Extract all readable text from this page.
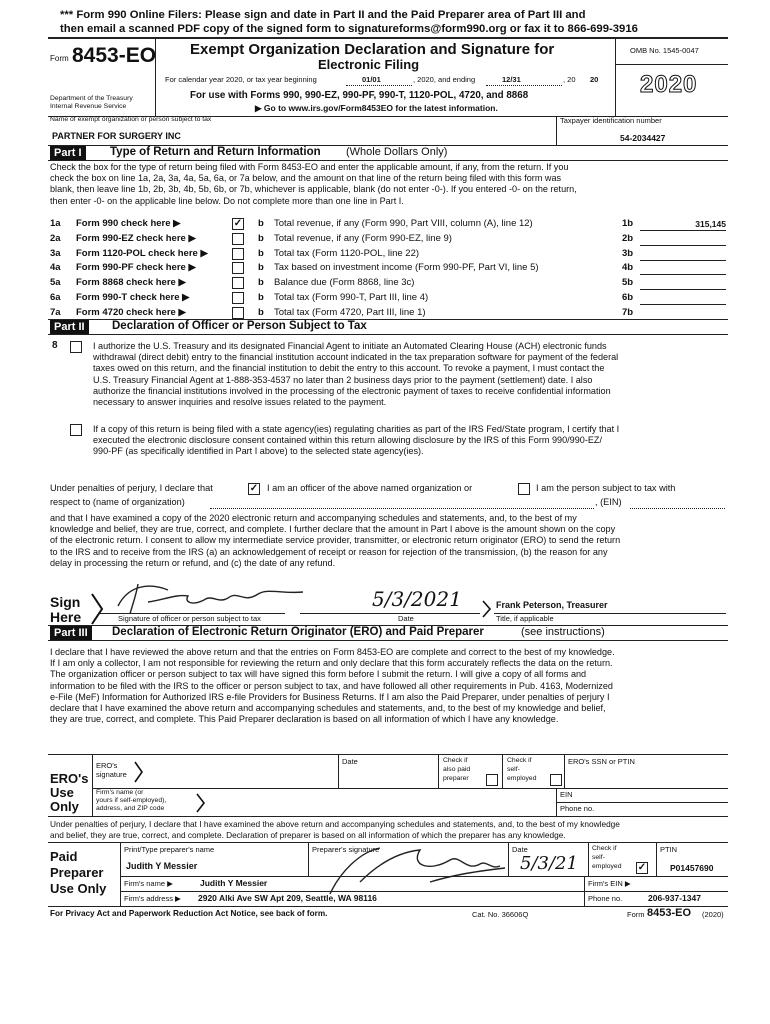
*** Form 990 Online Filers: Please sign and date in Part II and the Paid Preparer area of Part III and
then email a scanned PDF copy of the signed form to signatureforms@form990.org or fax it to 866-699-3916
Form 8453-EO Exempt Organization Declaration and Signature for
Electronic Filing
For calendar year 2020, or tax year beginning	01/01	, 2020, and ending	12/31	, 20 20
For use with Forms 990, 990-EZ, 990-PF, 990-T, 1120-POL, 4720, and 8868
▶ Go to www.irs.gov/Form8453EO for the latest information.
Department of the Treasury
Internal Revenue Service
OMB No. 1545-0047
2020
Name of exempt organization or person subject to tax
PARTNER FOR SURGERY INC
Taxpayer identification number
54-2034427
Part I	Type of Return and Return Information (Whole Dollars Only)
Check the box for the type of return being filed with Form 8453-EO and enter the applicable amount, if any, from the return. If you
check the box on line 1a, 2a, 3a, 4a, 5a, 6a, or 7a below, and the amount on that line of the return being filed with this form was
blank, then leave line 1b, 2b, 3b, 4b, 5b, 6b, or 7b, whichever is applicable, blank (do not enter -0-). If you entered -0- on the return,
then enter -0- on the applicable line below. Do not complete more than one line in Part I.
1a Form 990 check here ▶	✓ b Total revenue, if any (Form 990, Part VIII, column (A), line 12)	1b	315,145
2a Form 990-EZ check here ▶	b Total revenue, if any (Form 990-EZ, line 9)	2b
3a Form 1120-POL check here ▶	b Total tax (Form 1120-POL, line 22)	3b
4a Form 990-PF check here ▶	b Tax based on investment income (Form 990-PF, Part VI, line 5)	4b
5a Form 8868 check here ▶	b Balance due (Form 8868, line 3c)	5b
6a Form 990-T check here ▶	b Total tax (Form 990-T, Part III, line 4)	6b
7a Form 4720 check here ▶	b Total tax (Form 4720, Part III, line 1)	7b
Part II	Declaration of Officer or Person Subject to Tax
8	I authorize the U.S. Treasury and its designated Financial Agent to initiate an Automated Clearing House (ACH) electronic funds
withdrawal (direct debit) entry to the financial institution account indicated in the tax preparation software for payment of the federal
taxes owed on this return, and the financial institution to debit the entry to this account. To revoke a payment, I must contact the
U.S. Treasury Financial Agent at 1-888-353-4537 no later than 2 business days prior to the payment (settlement) date. I also
authorize the financial institutions involved in the processing of the electronic payment of taxes to receive confidential information
necessary to answer inquiries and resolve issues related to the payment.
If a copy of this return is being filed with a state agency(ies) regulating charities as part of the IRS Fed/State program, I certify that I
executed the electronic disclosure consent contained within this return allowing disclosure by the IRS of this Form 990/990-EZ/
990-PF (as specifically identified in Part I above) to the selected state agency(ies).
Under penalties of perjury, I declare that	✓ I am an officer of the above named organization or	I am the person subject to tax with
respect to (name of organization)	, (EIN)
and that I have examined a copy of the 2020 electronic return and accompanying schedules and statements, and, to the best of my
knowledge and belief, they are true, correct, and complete. I further declare that the amount in Part I above is the amount shown on the copy
of the electronic return. I consent to allow my intermediate service provider, transmitter, or electronic return originator (ERO) to send the return
to the IRS and to receive from the IRS (a) an acknowledgement of receipt or reason for rejection of the transmission, (b) the reason for any
delay in processing the return or refund, and (c) the date of any refund.
Sign
Here	Signature of officer or person subject to tax
5/3/2021
Date
Frank Peterson, Treasurer
Title, if applicable
Part III	Declaration of Electronic Return Originator (ERO) and Paid Preparer	(see instructions)
I declare that I have reviewed the above return and that the entries on Form 8453-EO are complete and correct to the best of my knowledge.
If I am only a collector, I am not responsible for reviewing the return and only declare that this form accurately reflects the data on the return.
The organization officer or person subject to tax will have signed this form before I submit the return. I will give a copy of all forms and
information to be filed with the IRS to the officer or person subject to tax, and have followed all other requirements in Pub. 4163, Modernized
e-File (MeF) Information for Authorized IRS e-file Providers for Business Returns. If I am also the Paid Preparer, under penalties of perjury I
declare that I have examined the above return and accompanying schedules and statements, and, to the best of my knowledge and belief,
they are true, correct, and complete. This Paid Preparer declaration is based on all information of which I have any knowledge.
ERO's
Use
Only
ERO's
signature
Date	Check if
also paid
preparer
Check if
self-
employed
ERO's SSN or PTIN
Firm's name (or
yours if self-employed),
address, and ZIP code
EIN
Phone no.
Under penalties of perjury, I declare that I have examined the above return and accompanying schedules and statements, and, to the best of my knowledge
and belief, they are true, correct, and complete. Declaration of preparer is based on all information of which the preparer has any knowledge.
Paid
Preparer
Use Only
Print/Type preparer's name
Judith Y Messier
Preparer's signature	Date
5/3/21
Check if
self-
employed ✓
PTIN
P01457690
Firm's name ▶	Judith Y Messier	Firm's EIN ▶
Firm's address ▶ 2920 Alki Ave SW Apt 209, Seattle, WA 98116	Phone no.	206-937-1347
For Privacy Act and Paperwork Reduction Act Notice, see back of form.	Cat. No. 36606Q	Form 8453-EO (2020)
